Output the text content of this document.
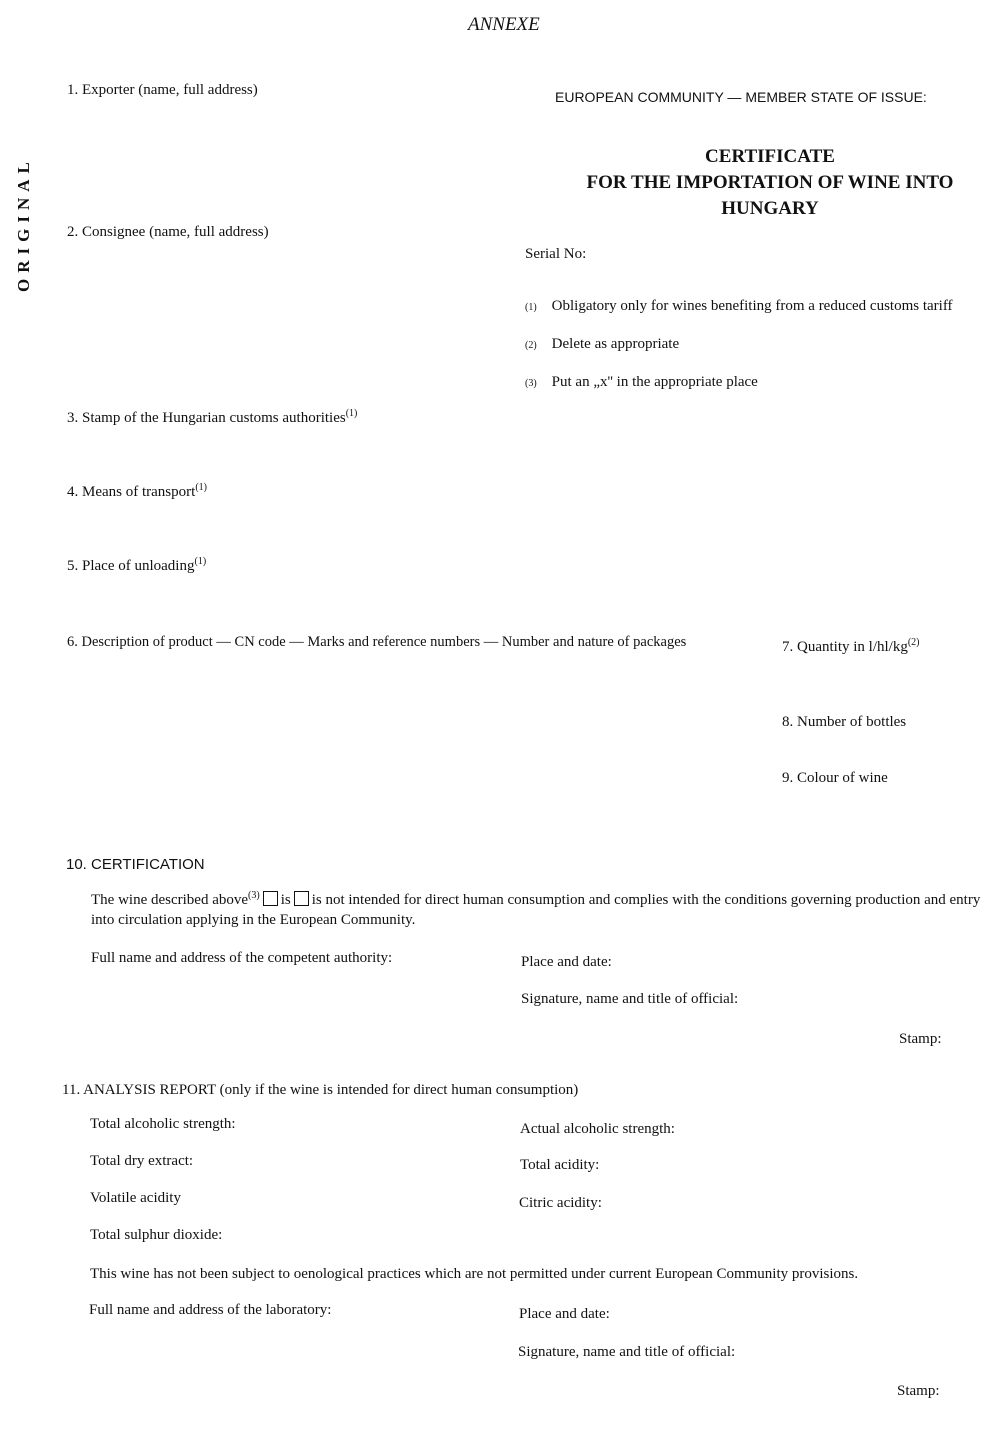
ANNEXE
ORIGINAL
EUROPEAN COMMUNITY — MEMBER STATE OF ISSUE:
CERTIFICATE
FOR THE IMPORTATION OF WINE INTO
HUNGARY
Serial No:
(1) Obligatory only for wines benefiting from a reduced customs tariff
(2) Delete as appropriate
(3) Put an „x'' in the appropriate place
1. Exporter (name, full address)
2. Consignee (name, full address)
3. Stamp of the Hungarian customs authorities$^{(1)}$
4. Means of transport$^{(1)}$
5. Place of unloading$^{(1)}$
6. Description of product — CN code — Marks and reference numbers — Number and nature of packages	7. Quantity in $l/hl/kg^{(2)}$
8. Number of bottles
9. Colour of wine
10. CERTIFICATION
The wine described above$^{(3)}$ is is not intended for direct human consumption and complies with the conditions governing production and entry into circulation applying in the European Community.
Full name and address of the competent authority:	Place and date:
Signature, name and title of official:
Stamp:
11. ANALYSIS REPORT (only if the wine is intended for direct human consumption)
Total alcoholic strength:	Actual alcoholic strength:
Total dry extract:	Total acidity:
Volatile acidity	Citric acidity:
Total sulphur dioxide:
This wine has not been subject to oenological practices which are not permitted under current European Community provisions.
Full name and address of the laboratory:	Place and date:
Signature, name and title of official:
Stamp:
